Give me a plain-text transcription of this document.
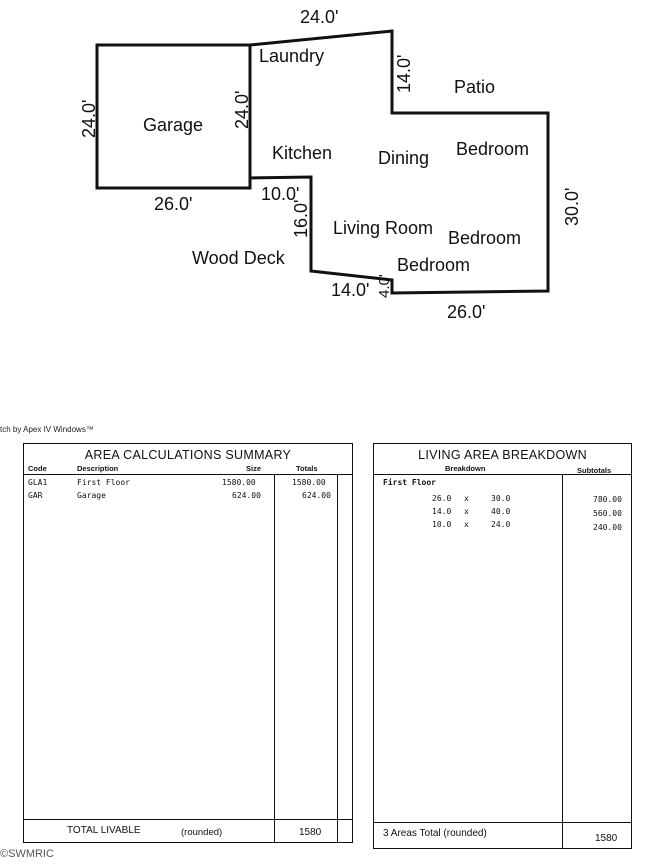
Garage
Laundry
Patio
Kitchen	Dining Bedroom
Living Room Bedroom
Bedroom
Wood Deck
24.0'
24.0'	24.0'
14.0'
26.0'	10.0'
16.0'	30.0'
14.0' 4.0'
26.0'
tch by Apex IV Windows™
AREA CALCULATIONS SUMMARY
Code	Description	Size	Totals
GLA1	First Floor	1580.00	1580.00
GAR	Garage	624.00	624.00
TOTAL LIVABLE	(rounded)	1580
LIVING AREA BREAKDOWN
Breakdown	Subtotals
First Floor
26.0 x	30.0	780.00
14.0 x	40.0	560.00
10.0 x	24.0	240.00
3 Areas Total (rounded)	1580
©SWMRIC
